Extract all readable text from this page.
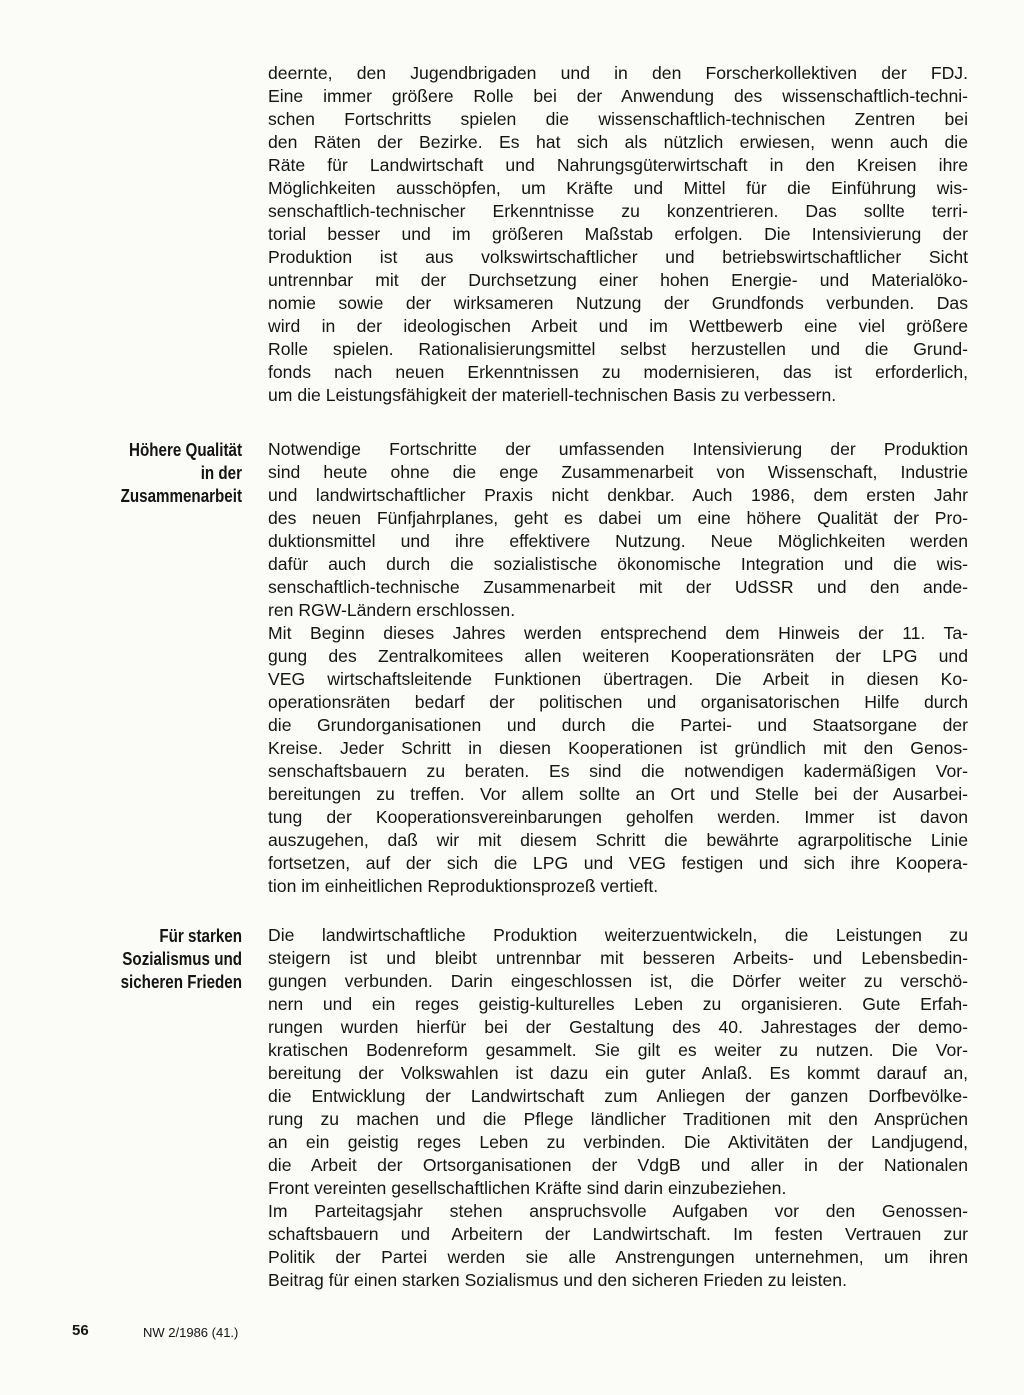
deernte, den Jugendbrigaden und in den Forscherkollektiven der FDJ.
Eine immer größere Rolle bei der Anwendung des wissenschaftlich-techni-
schen Fortschritts spielen die wissenschaftlich-technischen Zentren bei
den Räten der Bezirke. Es hat sich als nützlich erwiesen, wenn auch die
Räte für Landwirtschaft und Nahrungsgüterwirtschaft in den Kreisen ihre
Möglichkeiten ausschöpfen, um Kräfte und Mittel für die Einführung wis-
senschaftlich-technischer Erkenntnisse zu konzentrieren. Das sollte terri-
torial besser und im größeren Maßstab erfolgen. Die Intensivierung der
Produktion ist aus volkswirtschaftlicher und betriebswirtschaftlicher Sicht
untrennbar mit der Durchsetzung einer hohen Energie- und Materialöko-
nomie sowie der wirksameren Nutzung der Grundfonds verbunden. Das
wird in der ideologischen Arbeit und im Wettbewerb eine viel größere
Rolle spielen. Rationalisierungsmittel selbst herzustellen und die Grund-
fonds nach neuen Erkenntnissen zu modernisieren, das ist erforderlich,
um die Leistungsfähigkeit der materiell-technischen Basis zu verbessern.
Notwendige Fortschritte der umfassenden Intensivierung der Produktion
sind heute ohne die enge Zusammenarbeit von Wissenschaft, Industrie
und landwirtschaftlicher Praxis nicht denkbar. Auch 1986, dem ersten Jahr
des neuen Fünfjahrplanes, geht es dabei um eine höhere Qualität der Pro-
duktionsmittel und ihre effektivere Nutzung. Neue Möglichkeiten werden
dafür auch durch die sozialistische ökonomische Integration und die wis-
senschaftlich-technische Zusammenarbeit mit der UdSSR und den ande-
ren RGW-Ländern erschlossen.
Mit Beginn dieses Jahres werden entsprechend dem Hinweis der 11. Ta-
gung des Zentralkomitees allen weiteren Kooperationsräten der LPG und
VEG wirtschaftsleitende Funktionen übertragen. Die Arbeit in diesen Ko-
operationsräten bedarf der politischen und organisatorischen Hilfe durch
die Grundorganisationen und durch die Partei- und Staatsorgane der
Kreise. Jeder Schritt in diesen Kooperationen ist gründlich mit den Genos-
senschaftsbauern zu beraten. Es sind die notwendigen kadermäßigen Vor-
bereitungen zu treffen. Vor allem sollte an Ort und Stelle bei der Ausarbei-
tung der Kooperationsvereinbarungen geholfen werden. Immer ist davon
auszugehen, daß wir mit diesem Schritt die bewährte agrarpolitische Linie
fortsetzen, auf der sich die LPG und VEG festigen und sich ihre Koopera-
tion im einheitlichen Reproduktionsprozeß vertieft.
Höhere Qualität
in der
Zusammenarbeit
Die landwirtschaftliche Produktion weiterzuentwickeln, die Leistungen zu
steigern ist und bleibt untrennbar mit besseren Arbeits- und Lebensbedin-
gungen verbunden. Darin eingeschlossen ist, die Dörfer weiter zu verschö-
nern und ein reges geistig-kulturelles Leben zu organisieren. Gute Erfah-
rungen wurden hierfür bei der Gestaltung des 40. Jahrestages der demo-
kratischen Bodenreform gesammelt. Sie gilt es weiter zu nutzen. Die Vor-
bereitung der Volkswahlen ist dazu ein guter Anlaß. Es kommt darauf an,
die Entwicklung der Landwirtschaft zum Anliegen der ganzen Dorfbevölke-
rung zu machen und die Pflege ländlicher Traditionen mit den Ansprüchen
an ein geistig reges Leben zu verbinden. Die Aktivitäten der Landjugend,
die Arbeit der Ortsorganisationen der VdgB und aller in der Nationalen
Front vereinten gesellschaftlichen Kräfte sind darin einzubeziehen.
Im Parteitagsjahr stehen anspruchsvolle Aufgaben vor den Genossen-
schaftsbauern und Arbeitern der Landwirtschaft. Im festen Vertrauen zur
Politik der Partei werden sie alle Anstrengungen unternehmen, um ihren
Beitrag für einen starken Sozialismus und den sicheren Frieden zu leisten.
Für starken
Sozialismus und
sicheren Frieden
56	NW 2/1986 (41.)
